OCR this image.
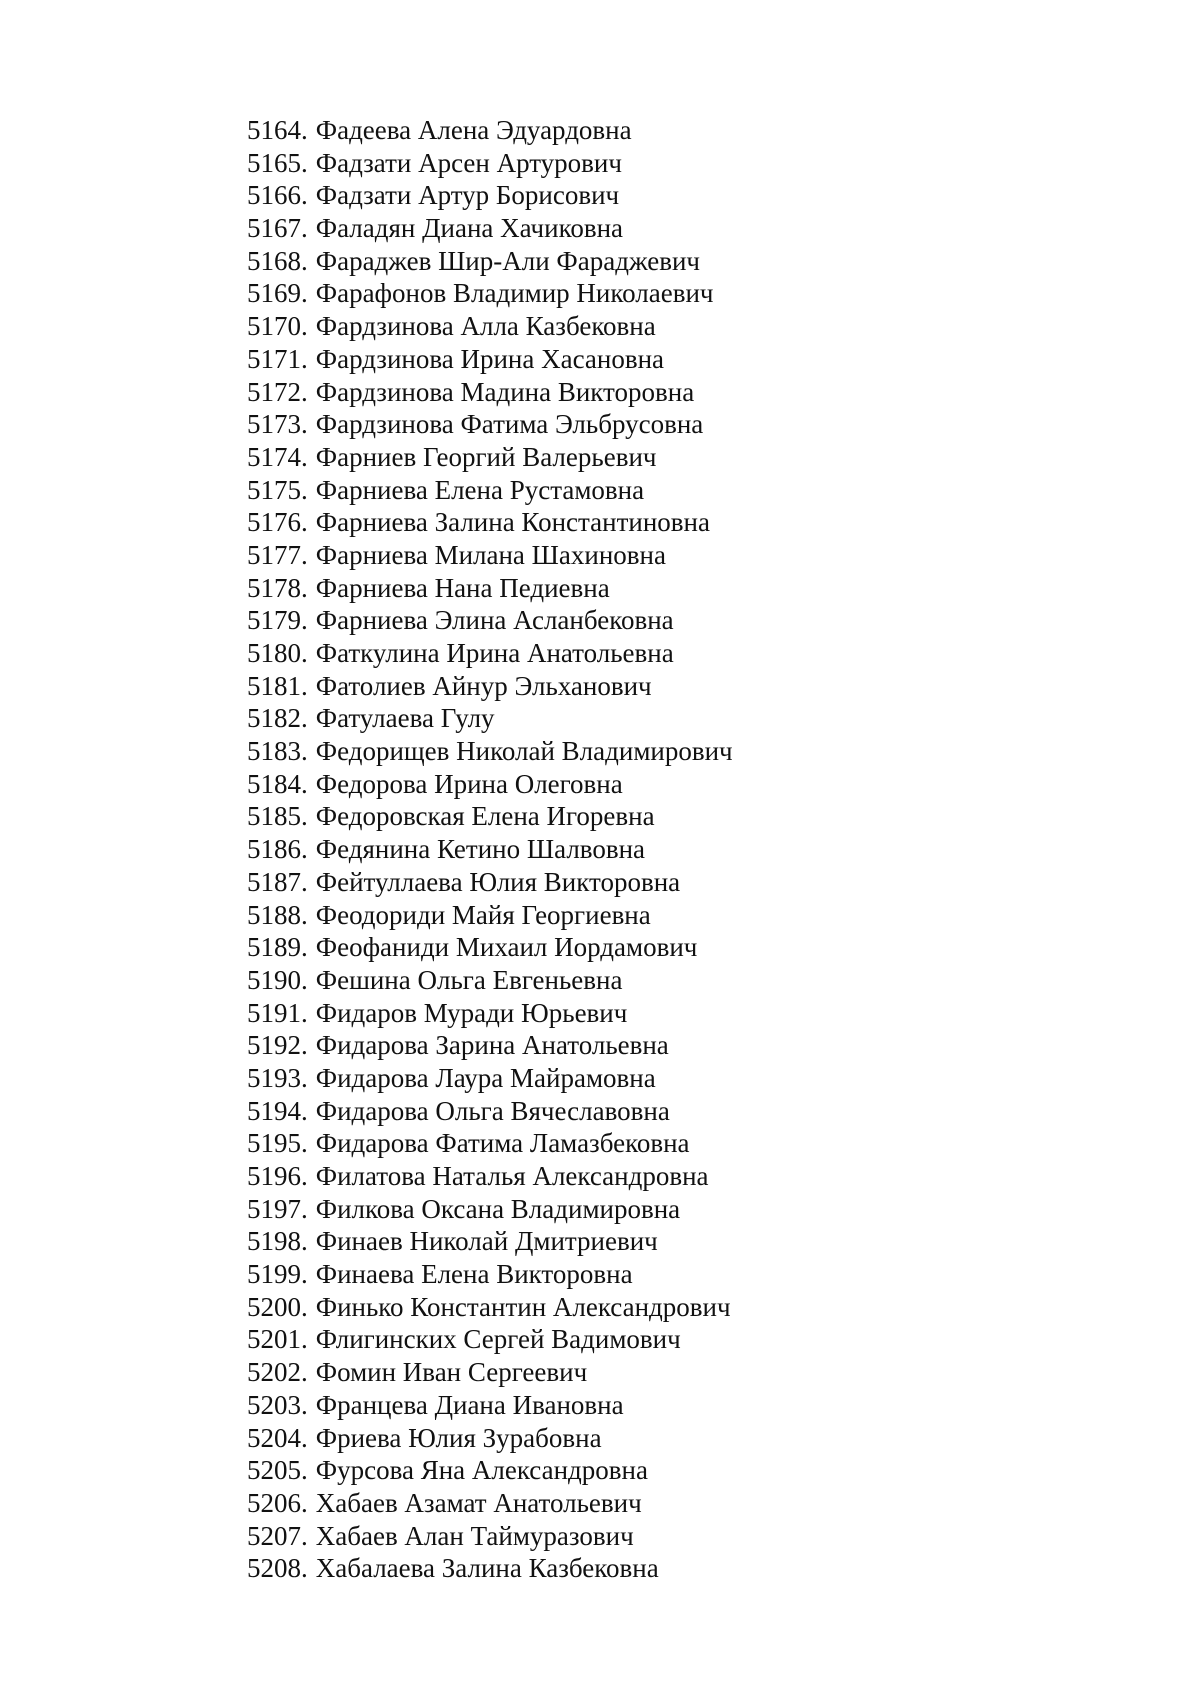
5164. Фадеева Алена Эдуардовна
5165. Фадзати Арсен Артурович
5166. Фадзати Артур Борисович
5167. Фаладян Диана Хачиковна
5168. Фараджев Шир-Али Фараджевич
5169. Фарафонов Владимир Николаевич
5170. Фардзинова Алла Казбековна
5171. Фардзинова Ирина Хасановна
5172. Фардзинова Мадина Викторовна
5173. Фардзинова Фатима Эльбрусовна
5174. Фарниев Георгий Валерьевич
5175. Фарниева Елена Рустамовна
5176. Фарниева Залина Константиновна
5177. Фарниева Милана Шахиновна
5178. Фарниева Нана Педиевна
5179. Фарниева Элина Асланбековна
5180. Фаткулина Ирина Анатольевна
5181. Фатолиев Айнур Эльханович
5182. Фатулаева Гулу
5183. Федорищев Николай Владимирович
5184. Федорова Ирина Олеговна
5185. Федоровская Елена Игоревна
5186. Федянина Кетино Шалвовна
5187. Фейтуллаева Юлия Викторовна
5188. Феодориди Майя Георгиевна
5189. Феофаниди Михаил Иордамович
5190. Фешина Ольга Евгеньевна
5191. Фидаров Муради Юрьевич
5192. Фидарова Зарина Анатольевна
5193. Фидарова Лаура Майрамовна
5194. Фидарова Ольга Вячеславовна
5195. Фидарова Фатима Ламазбековна
5196. Филатова Наталья Александровна
5197. Филкова Оксана Владимировна
5198. Финаев Николай Дмитриевич
5199. Финаева Елена Викторовна
5200. Финько Константин Александрович
5201. Флигинских Сергей Вадимович
5202. Фомин Иван Сергеевич
5203. Францева Диана Ивановна
5204. Фриева Юлия Зурабовна
5205. Фурсова Яна Александровна
5206. Хабаев Азамат Анатольевич
5207. Хабаев Алан Таймуразович
5208. Хабалаева Залина Казбековна
